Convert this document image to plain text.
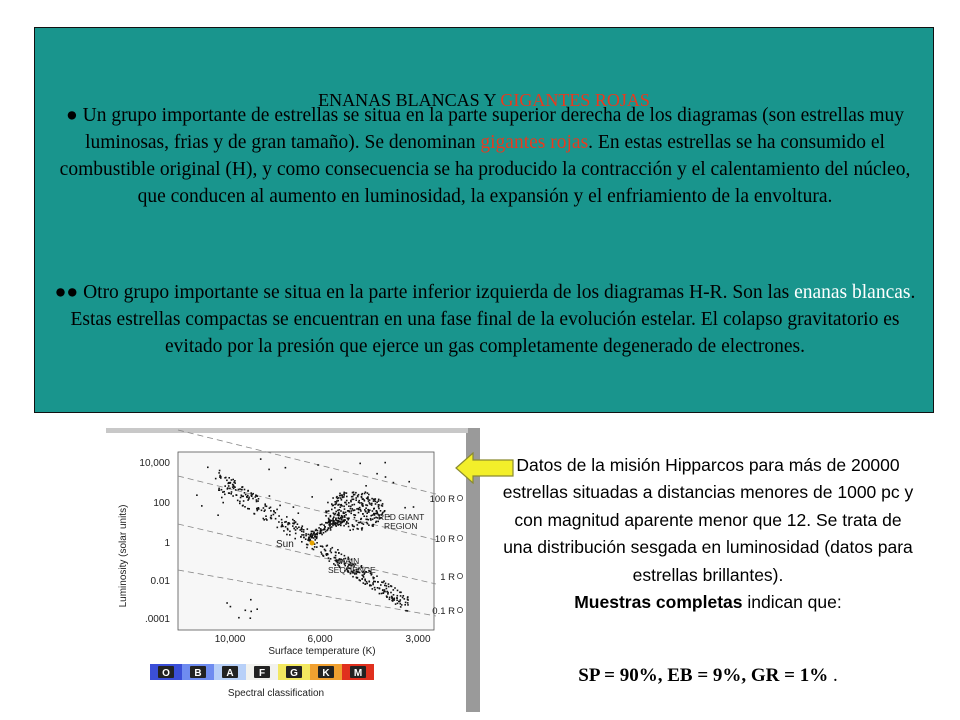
ENANAS BLANCAS Y GIGANTES ROJAS
● Un grupo importante de estrellas se situa en la parte superior derecha de los diagramas (son estrellas muy luminosas, frias y de gran tamaño). Se denominan gigantes rojas. En estas estrellas se ha consumido el combustible original (H), y como consecuencia se ha producido la contracción y el calentamiento del núcleo, que conducen al aumento en luminosidad, la expansión y el enfriamiento de la envoltura.
●● Otro grupo importante se situa en la parte inferior izquierda de los diagramas H-R. Son las enanas blancas. Estas estrellas compactas se encuentran en una fase final de la evolución estelar. El colapso gravitatorio es evitado por la presión que ejerce un gas completamente degenerado de electrones.
Luminosity (solar units)
10,000
100
1
0.01
.0001
100 R
10 R
1 R
0.1 R
RED GIANT
REGION
MAIN
SEQUENCE
Sun
10,000	6,000	3,000
Surface temperature (K)
O B A	F	G K M
Spectral classification
Datos de la misión Hipparcos para más de 20000 estrellas situadas a distancias menores de 1000 pc y con magnitud aparente menor que 12. Se trata de una distribución sesgada en luminosidad (datos para estrellas brillantes).
Muestras completas indican que:
SP = 90%, EB = 9%, GR = 1% .
